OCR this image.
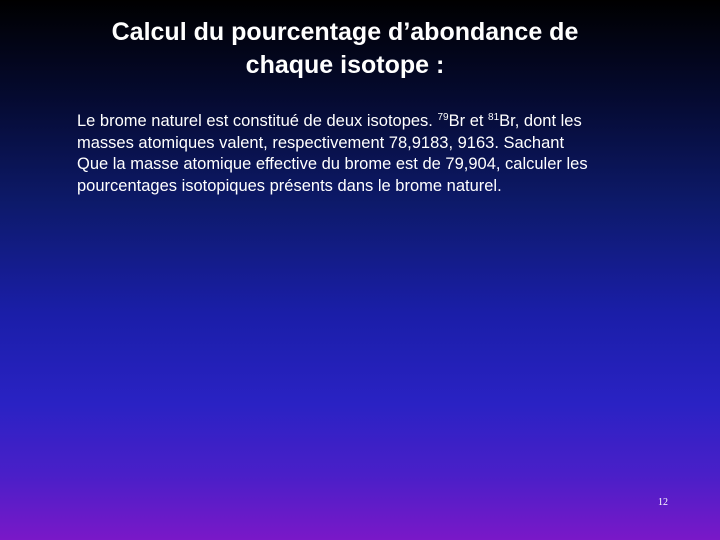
Calcul du pourcentage d’abondance de
chaque isotope :

Le brome naturel est constitué de deux isotopes. $^{79}$Br et $^{81}$Br, dont les
masses atomiques valent, respectivement 78,9183, 9163. Sachant
Que la masse atomique effective du brome est de 79,904, calculer les
pourcentages isotopiques présents dans le brome naturel.

12
